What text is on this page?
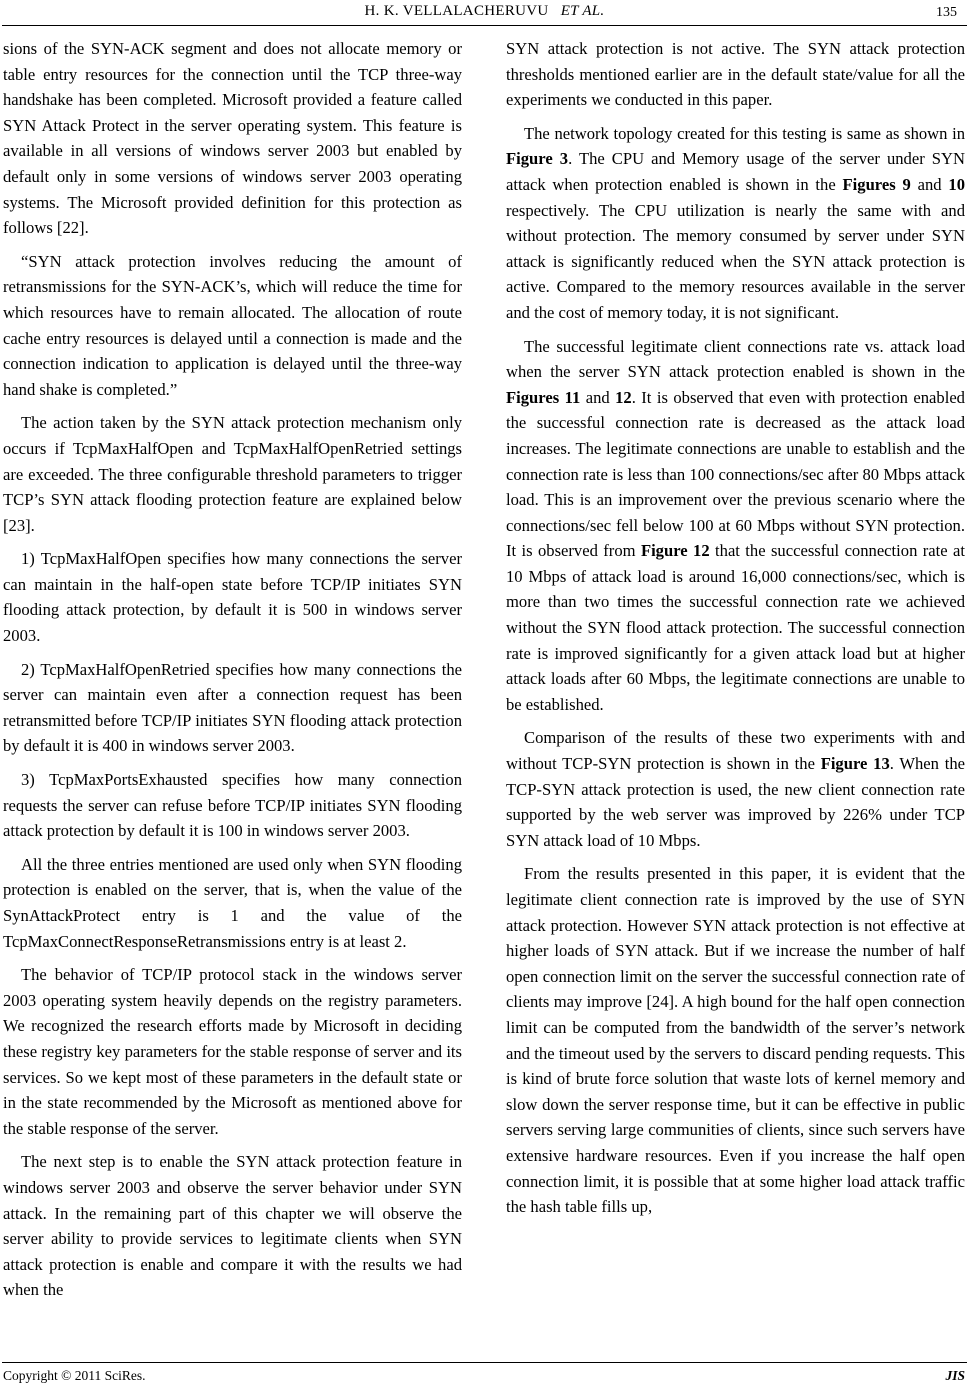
H. K. VELLALACHERUVU ET AL.	135

sions of the SYN-ACK segment and does not allocate memory or table entry resources for the connection until the TCP three-way handshake has been completed. Microsoft provided a feature called SYN Attack Protect in the server operating system. This feature is available in all versions of windows server 2003 but enabled by default only in some versions of windows server 2003 operating systems. The Microsoft provided definition for this protection as follows [22].

“SYN attack protection involves reducing the amount of retransmissions for the SYN-ACK’s, which will reduce the time for which resources have to remain allocated. The allocation of route cache entry resources is delayed until a connection is made and the connection indication to application is delayed until the three-way hand shake is completed.”

The action taken by the SYN attack protection mechanism only occurs if TcpMaxHalfOpen and TcpMaxHalfOpenRetried settings are exceeded. The three configurable threshold parameters to trigger TCP’s SYN attack flooding protection feature are explained below [23].

1) TcpMaxHalfOpen specifies how many connections the server can maintain in the half-open state before TCP/IP initiates SYN flooding attack protection, by default it is 500 in windows server 2003.

2) TcpMaxHalfOpenRetried specifies how many connections the server can maintain even after a connection request has been retransmitted before TCP/IP initiates SYN flooding attack protection by default it is 400 in windows server 2003.

3) TcpMaxPortsExhausted specifies how many connection requests the server can refuse before TCP/IP initiates SYN flooding attack protection by default it is 100 in windows server 2003.

All the three entries mentioned are used only when SYN flooding protection is enabled on the server, that is, when the value of the SynAttackProtect entry is 1 and the value of the TcpMaxConnectResponseRetransmissions entry is at least 2.

The behavior of TCP/IP protocol stack in the windows server 2003 operating system heavily depends on the registry parameters. We recognized the research efforts made by Microsoft in deciding these registry key parameters for the stable response of server and its services. So we kept most of these parameters in the default state or in the state recommended by the Microsoft as mentioned above for the stable response of the server.

The next step is to enable the SYN attack protection feature in windows server 2003 and observe the server behavior under SYN attack. In the remaining part of this chapter we will observe the server ability to provide services to legitimate clients when SYN attack protection is enable and compare it with the results we had when the

SYN attack protection is not active. The SYN attack protection thresholds mentioned earlier are in the default state/value for all the experiments we conducted in this paper.

The network topology created for this testing is same as shown in Figure 3. The CPU and Memory usage of the server under SYN attack when protection enabled is shown in the Figures 9 and 10 respectively. The CPU utilization is nearly the same with and without protection. The memory consumed by server under SYN attack is significantly reduced when the SYN attack protection is active. Compared to the memory resources available in the server and the cost of memory today, it is not significant.

The successful legitimate client connections rate vs. attack load when the server SYN attack protection enabled is shown in the Figures 11 and 12. It is observed that even with protection enabled the successful connection rate is decreased as the attack load increases. The legitimate connections are unable to establish and the connection rate is less than 100 connections/sec after 80 Mbps attack load. This is an improvement over the previous scenario where the connections/sec fell below 100 at 60 Mbps without SYN protection. It is observed from Figure 12 that the successful connection rate at 10 Mbps of attack load is around 16,000 connections/sec, which is more than two times the successful connection rate we achieved without the SYN flood attack protection. The successful connection rate is improved significantly for a given attack load but at higher attack loads after 60 Mbps, the legitimate connections are unable to be established.

Comparison of the results of these two experiments with and without TCP-SYN protection is shown in the Figure 13. When the TCP-SYN attack protection is used, the new client connection rate supported by the web server was improved by 226% under TCP SYN attack load of 10 Mbps.

From the results presented in this paper, it is evident that the legitimate client connection rate is improved by the use of SYN attack protection. However SYN attack protection is not effective at higher loads of SYN attack. But if we increase the number of half open connection limit on the server the successful connection rate of clients may improve [24]. A high bound for the half open connection limit can be computed from the bandwidth of the server’s network and the timeout used by the servers to discard pending requests. This is kind of brute force solution that waste lots of kernel memory and slow down the server response time, but it can be effective in public servers serving large communities of clients, since such servers have extensive hardware resources. Even if you increase the half open connection limit, it is possible that at some higher load attack traffic the hash table fills up,

Copyright © 2011 SciRes.	JIS
